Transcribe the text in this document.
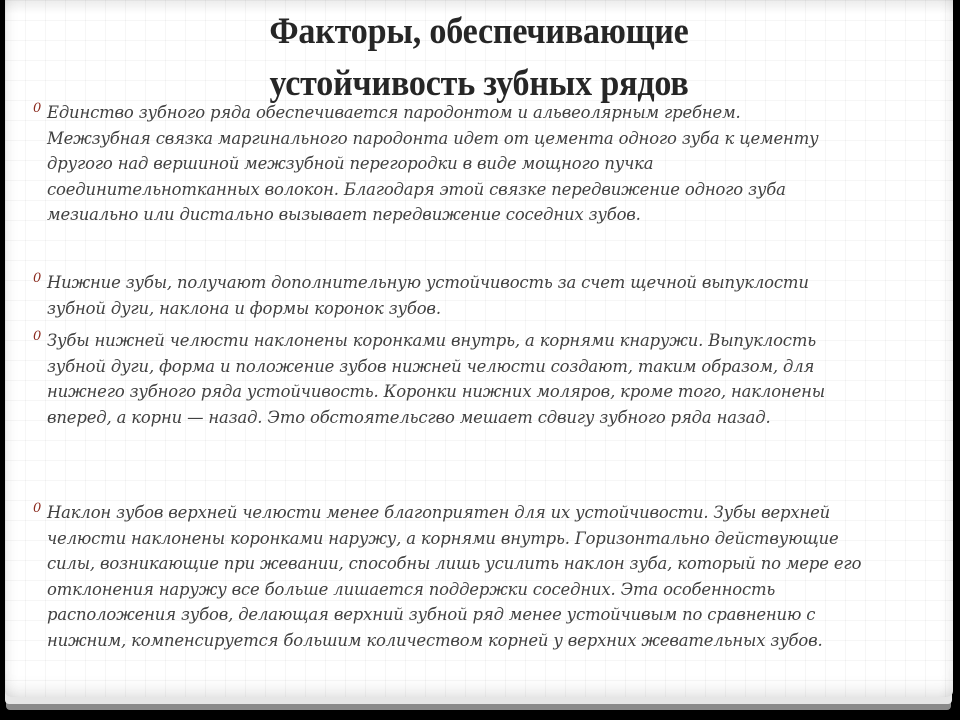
Факторы, обеспечивающие
устойчивость зубных рядов
0 Единство зубного ряда обеспечивается пародонтом и альвеолярным гребнем. Межзубная связка маргинального пародонта идет от цемента одного зуба к цементу другого над вершиной межзубной перегородки в виде мощного пучка соединительнотканных волокон. Благодаря этой связке передвижение одного зуба мезиально или дистально вызывает передвижение соседних зубов.
0 Нижние зубы, получают дополнительную устойчивость за счет щечной выпуклости зубной дуги, наклона и формы коронок зубов.
0 Зубы нижней челюсти наклонены коронками внутрь, а корнями кнаружи. Выпуклость зубной дуги, форма и положение зубов нижней челюсти создают, таким образом, для нижнего зубного ряда устойчивость. Коронки нижних моляров, кроме того, наклонены вперед, а корни — назад. Это обстоятельсгво мешает сдвигу зубного ряда назад.
0 Наклон зубов верхней челюсти менее благоприятен для их устойчивости. Зубы верхней челюсти наклонены коронками наружу, а корнями внутрь. Горизонтально действующие силы, возникающие при жевании, способны лишь усилить наклон зуба, который по мере его отклонения наружу все больше лишается поддержки соседних. Эта особенность расположения зубов, делающая верхний зубной ряд менее устойчивым по сравнению с нижним, компенсируется большим количеством корней у верхних жевательных зубов.
